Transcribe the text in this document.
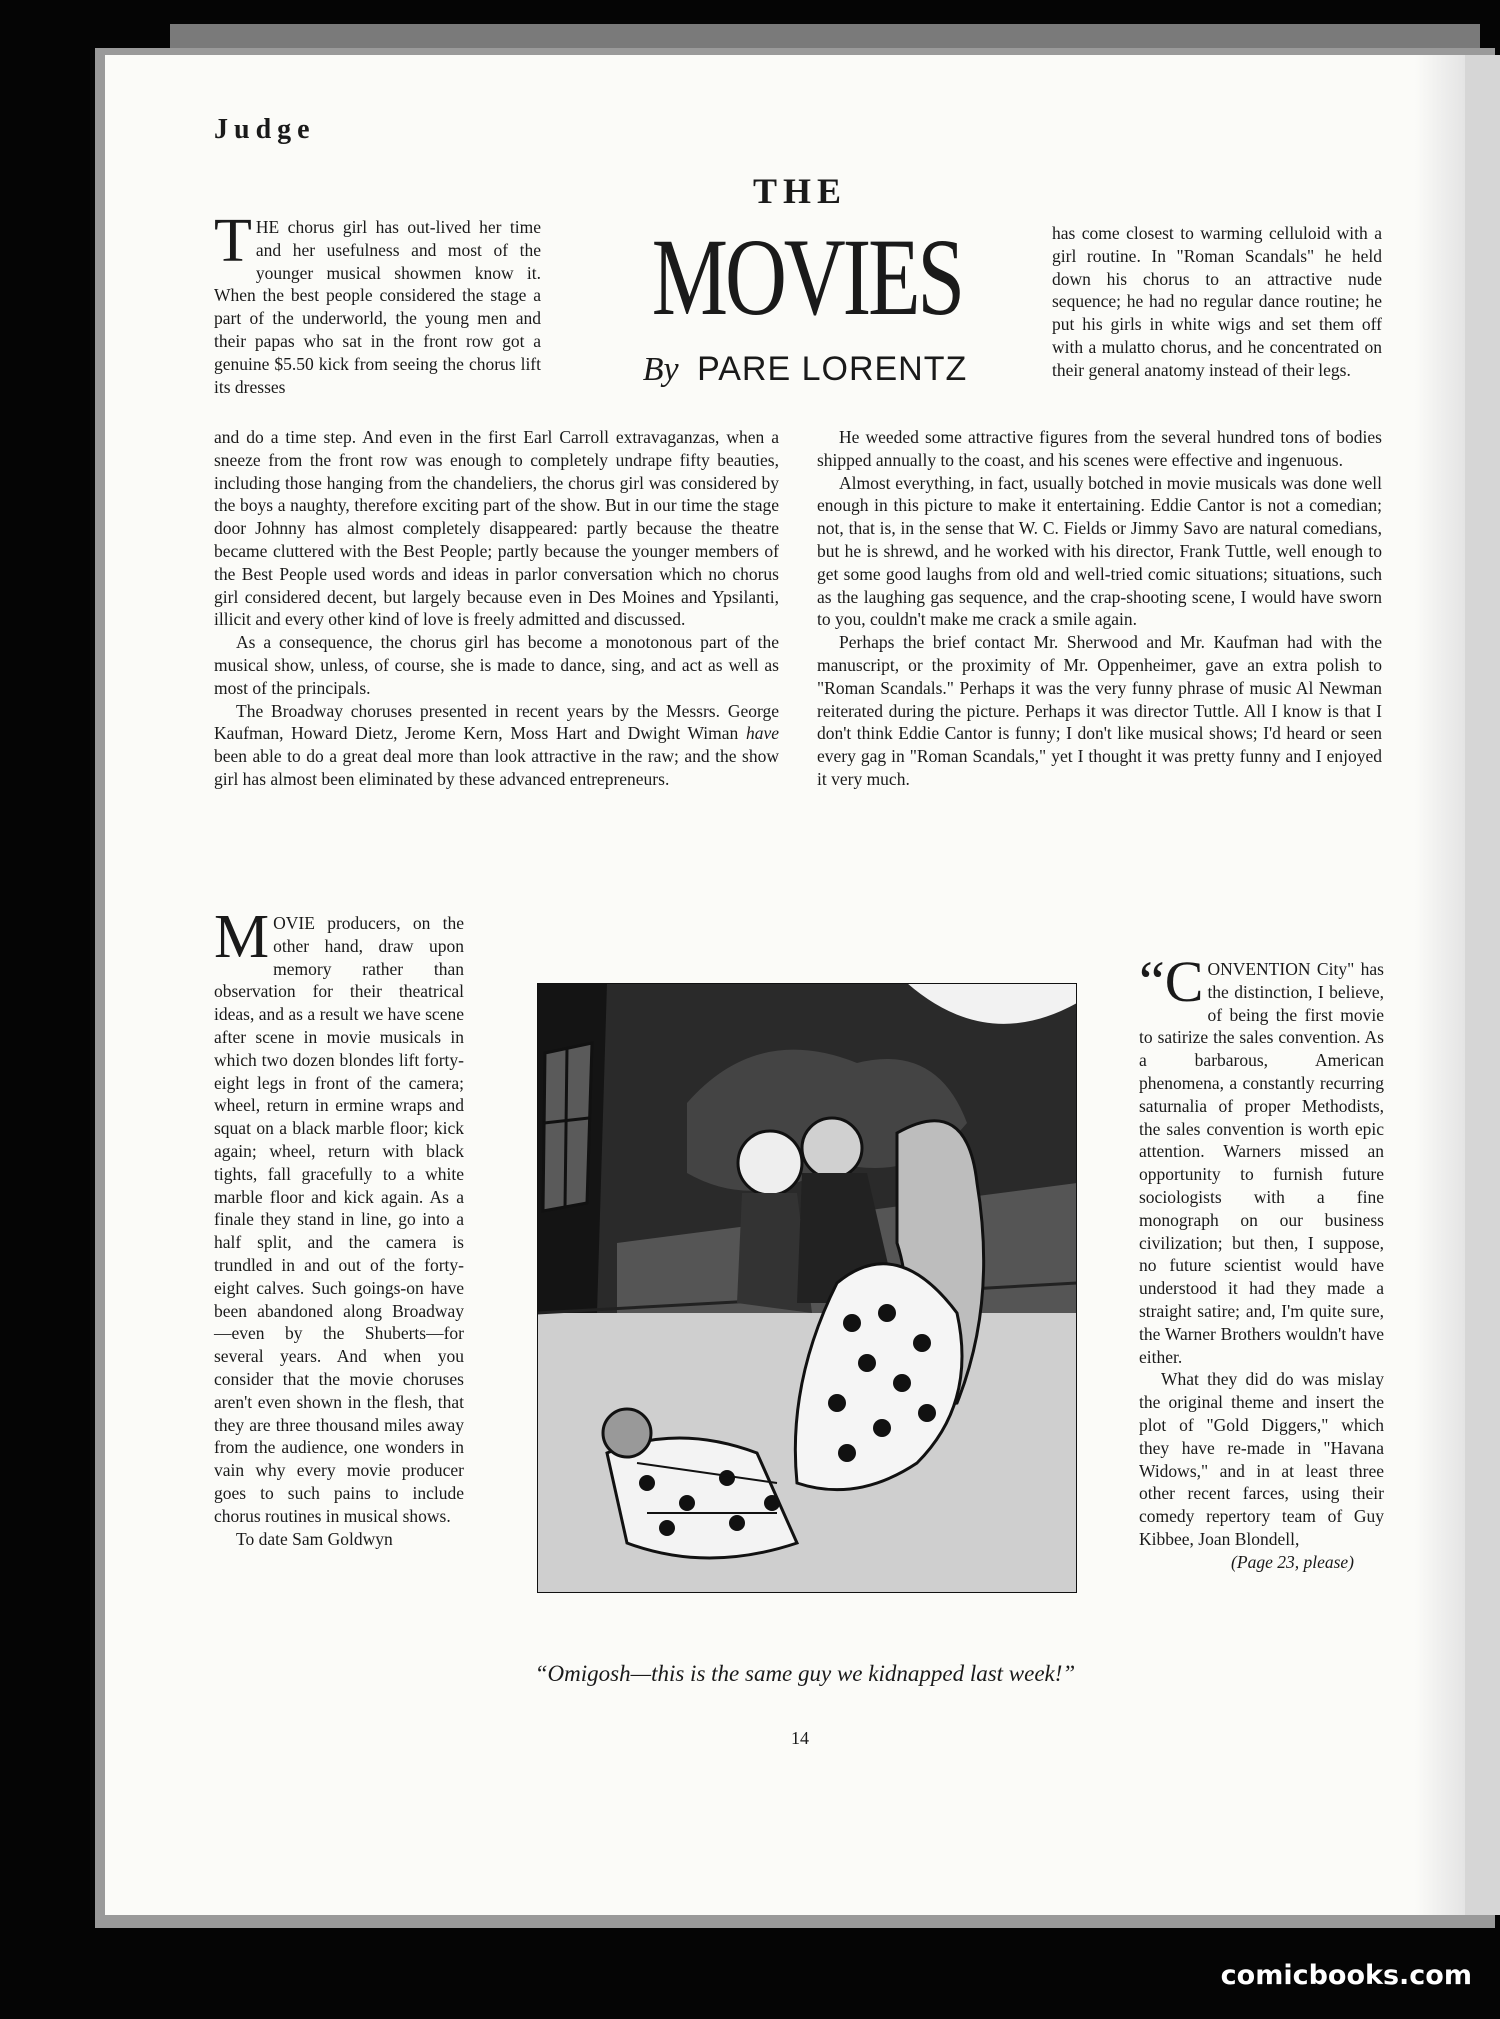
Judge
THE
MOVIES
By PARE LORENTZ

T HE chorus girl has out-lived her time and her usefulness and most of the younger musical showmen know it. When the best people considered the stage a part of the underworld, the young men and their papas who sat in the front row got a genuine $5.50 kick from seeing the chorus lift its dresses

has come closest to warming celluloid with a girl routine. In "Roman Scandals" he held down his chorus to an attractive nude sequence; he had no regular dance routine; he put his girls in white wigs and set them off with a mulatto chorus, and he concentrated on their general anatomy instead of their legs.

and do a time step. And even in the first Earl Carroll extravaganzas, when a sneeze from the front row was enough to completely undrape fifty beauties, including those hanging from the chandeliers, the chorus girl was considered by the boys a naughty, therefore exciting part of the show. But in our time the stage door Johnny has almost completely disappeared: partly because the theatre became cluttered with the Best People; partly because the younger members of the Best People used words and ideas in parlor conversation which no chorus girl considered decent, but largely because even in Des Moines and Ypsilanti, illicit and every other kind of love is freely admitted and discussed.

As a consequence, the chorus girl has become a monotonous part of the musical show, unless, of course, she is made to dance, sing, and act as well as most of the principals.

The Broadway choruses presented in recent years by the Messrs. George Kaufman, Howard Dietz, Jerome Kern, Moss Hart and Dwight Wiman have been able to do a great deal more than look attractive in the raw; and the show girl has almost been eliminated by these advanced entrepreneurs.

He weeded some attractive figures from the several hundred tons of bodies shipped annually to the coast, and his scenes were effective and ingenuous.

Almost everything, in fact, usually botched in movie musicals was done well enough in this picture to make it entertaining. Eddie Cantor is not a comedian; not, that is, in the sense that W. C. Fields or Jimmy Savo are natural comedians, but he is shrewd, and he worked with his director, Frank Tuttle, well enough to get some good laughs from old and well-tried comic situations; situations, such as the laughing gas sequence, and the crap-shooting scene, I would have sworn to you, couldn't make me crack a smile again.

Perhaps the brief contact Mr. Sherwood and Mr. Kaufman had with the manuscript, or the proximity of Mr. Oppenheimer, gave an extra polish to "Roman Scandals." Perhaps it was the very funny phrase of music Al Newman reiterated during the picture. Perhaps it was director Tuttle. All I know is that I don't think Eddie Cantor is funny; I don't like musical shows; I'd heard or seen every gag in "Roman Scandals," yet I thought it was pretty funny and I enjoyed it very much.

M OVIE producers, on the other hand, draw upon memory rather than observation for their theatrical ideas, and as a result we have scene after scene in movie musicals in which two dozen blondes lift forty-eight legs in front of the camera; wheel, return in ermine wraps and squat on a black marble floor; kick again; wheel, return with black tights, fall gracefully to a white marble floor and kick again. As a finale they stand in line, go into a half split, and the camera is trundled in and out of the forty-eight calves. Such goings-on have been abandoned along Broadway—even by the Shuberts—for several years. And when you consider that the movie choruses aren't even shown in the flesh, that they are three thousand miles away from the audience, one wonders in vain why every movie producer goes to such pains to include chorus routines in musical shows.

To date Sam Goldwyn

“C ONVENTION City" has the distinction, I believe, of being the first movie to satirize the sales convention. As a barbarous, American phenomena, a constantly recurring saturnalia of proper Methodists, the sales convention is worth epic attention. Warners missed an opportunity to furnish future sociologists with a fine monograph on our business civilization; but then, I suppose, no future scientist would have understood it had they made a straight satire; and, I'm quite sure, the Warner Brothers wouldn't have either.

What they did do was mislay the original theme and insert the plot of "Gold Diggers," which they have re-made in "Havana Widows," and in at least three other recent farces, using their comedy repertory team of Guy Kibbee, Joan Blondell,

(Page 23, please)

“Omigosh—this is the same guy we kidnapped last week!”

14

comicbooks.com
